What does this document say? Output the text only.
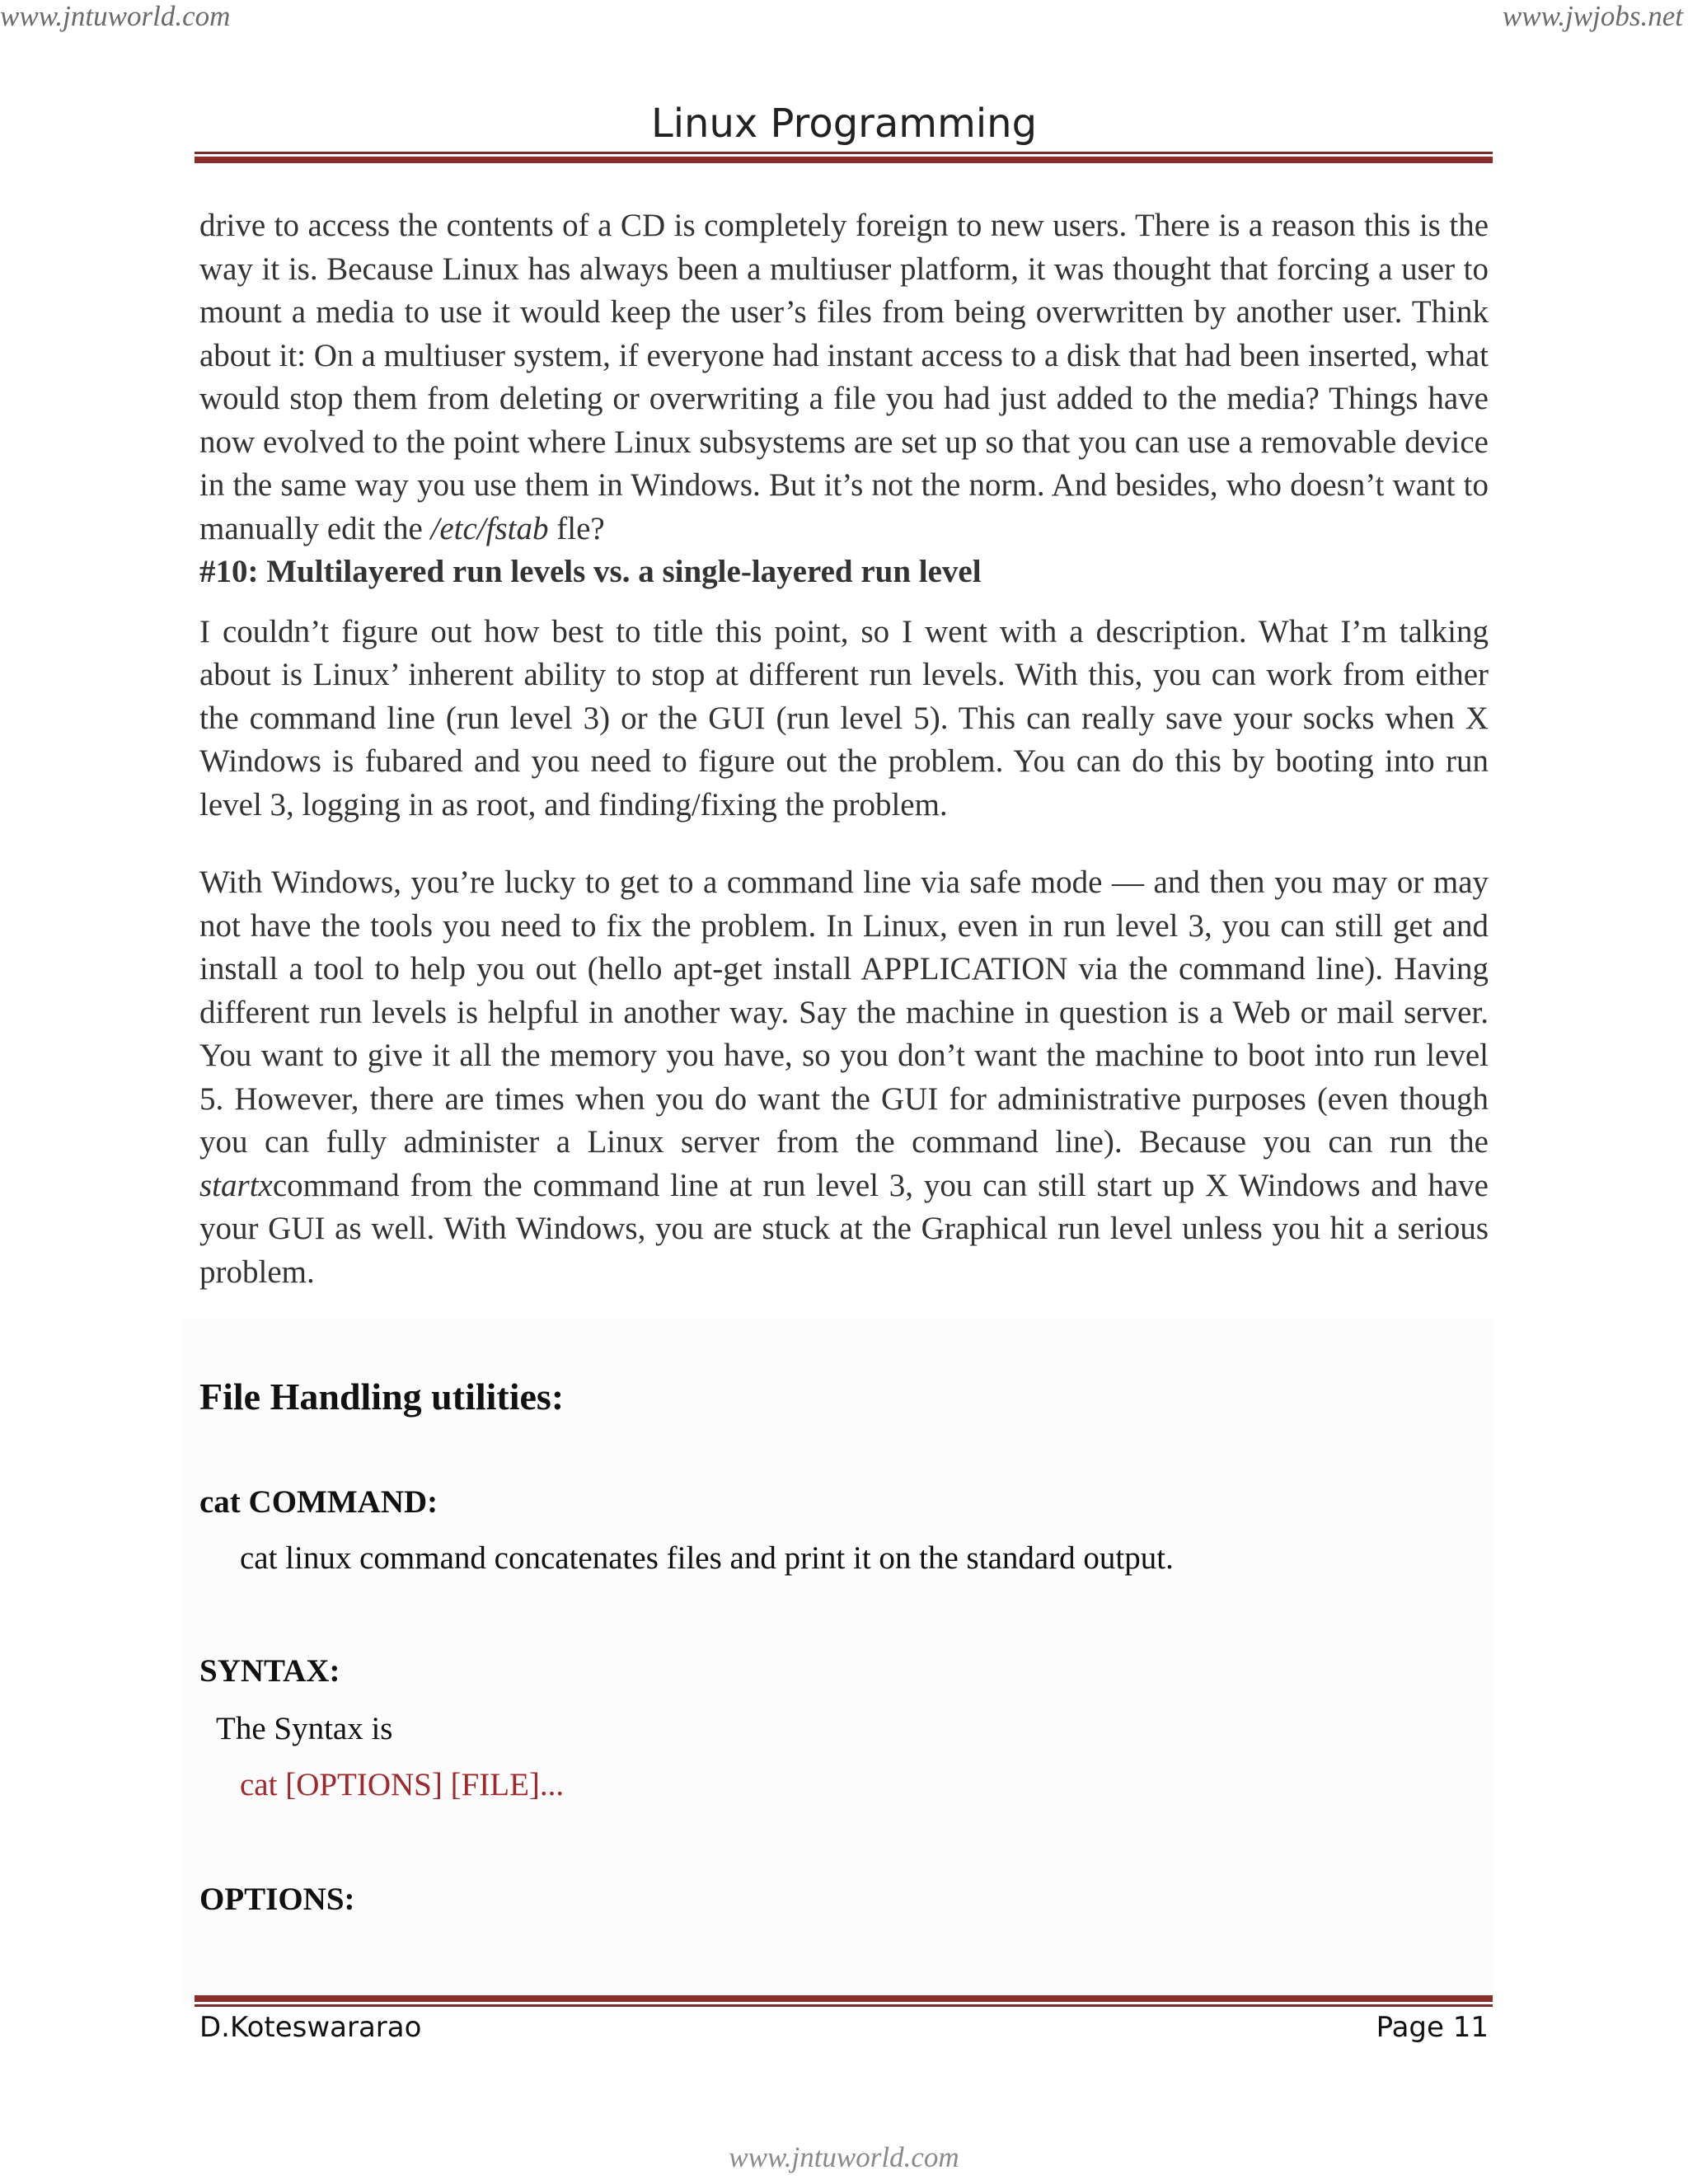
www.jntuworld.com	www.jwjobs.net
Linux Programming

drive to access the contents of a CD is completely foreign to new users. There is a reason this is the way it is. Because Linux has always been a multiuser platform, it was thought that forcing a user to mount a media to use it would keep the user’s files from being overwritten by another user. Think about it: On a multiuser system, if everyone had instant access to a disk that had been inserted, what would stop them from deleting or overwriting a file you had just added to the media? Things have now evolved to the point where Linux subsystems are set up so that you can use a removable device in the same way you use them in Windows. But it’s not the norm. And besides, who doesn’t want to manually edit the /etc/fstab fle?

#10: Multilayered run levels vs. a single-layered run level

I couldn’t figure out how best to title this point, so I went with a description. What I’m talking about is Linux’ inherent ability to stop at different run levels. With this, you can work from either the command line (run level 3) or the GUI (run level 5). This can really save your socks when X Windows is fubared and you need to figure out the problem. You can do this by booting into run level 3, logging in as root, and finding/fixing the problem.

With Windows, you’re lucky to get to a command line via safe mode — and then you may or may not have the tools you need to fix the problem. In Linux, even in run level 3, you can still get and install a tool to help you out (hello apt-get install APPLICATION via the command line). Having different run levels is helpful in another way. Say the machine in question is a Web or mail server. You want to give it all the memory you have, so you don’t want the machine to boot into run level 5. However, there are times when you do want the GUI for administrative purposes (even though you can fully administer a Linux server from the command line). Because you can run the startxcommand from the command line at run level 3, you can still start up X Windows and have your GUI as well. With Windows, you are stuck at the Graphical run level unless you hit a serious problem.

File Handling utilities:
cat COMMAND:
cat linux command concatenates files and print it on the standard output.
SYNTAX:
The Syntax is
cat [OPTIONS] [FILE]...
OPTIONS:
D.Koteswararao	Page 11
www.jntuworld.com
